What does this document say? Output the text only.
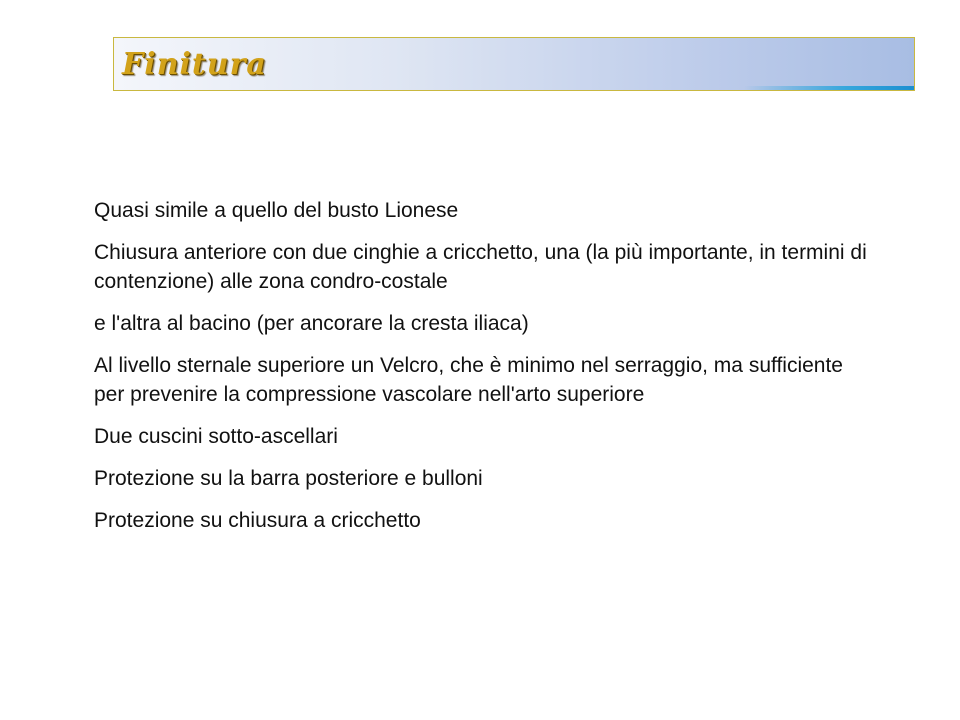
Finitura

Quasi simile a quello del busto Lionese

Chiusura anteriore con due cinghie a cricchetto, una (la più importante, in termini di contenzione) alle zona condro-costale

e l'altra al bacino (per ancorare la cresta iliaca)

Al livello sternale superiore un Velcro, che è minimo nel serraggio, ma sufficiente per prevenire la compressione vascolare nell'arto superiore

Due cuscini sotto-ascellari

Protezione su la barra posteriore e bulloni

Protezione su chiusura a cricchetto
